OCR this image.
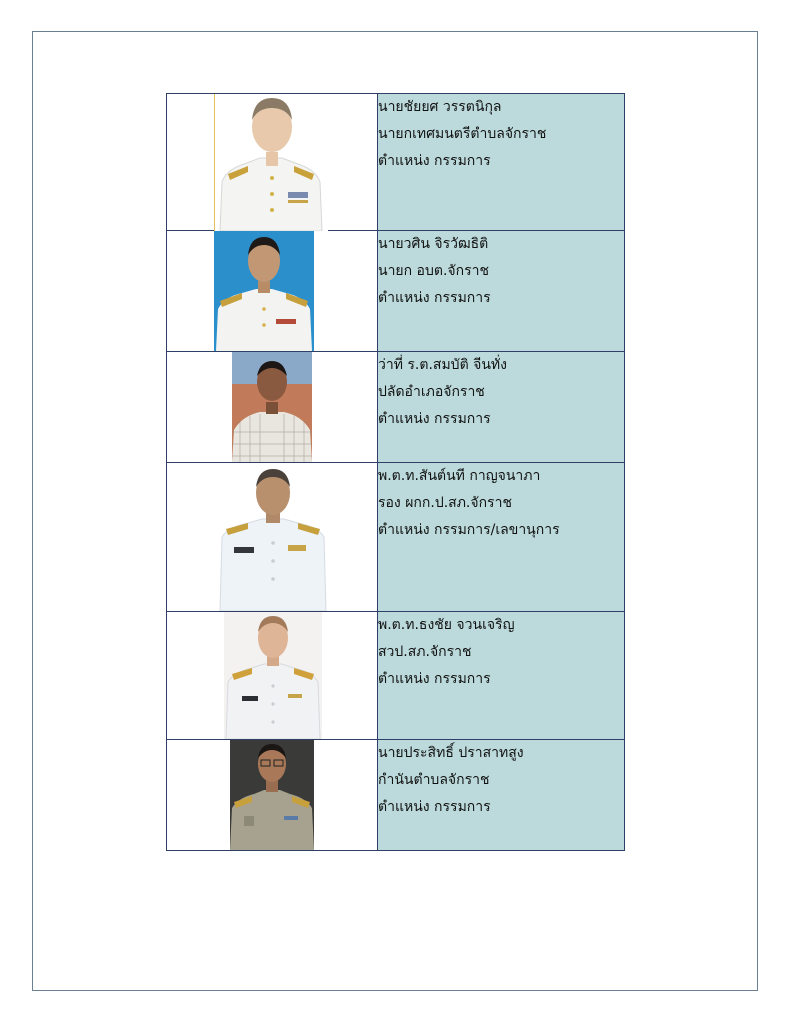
นายชัยยศ วรรตนิกุล
นายกเทศมนตรีตำบลจักราช
ตำแหน่ง กรรมการ

นายวศิน จิรวัฒธิติ
นายก อบต.จักราช
ตำแหน่ง กรรมการ

ว่าที่ ร.ต.สมบัติ จีนทั่ง
ปลัดอำเภอจักราช
ตำแหน่ง กรรมการ

พ.ต.ท.สันต์นที กาญจนาภา
รอง ผกก.ป.สภ.จักราช
ตำแหน่ง กรรมการ/เลขานุการ

พ.ต.ท.ธงชัย จวนเจริญ
สวป.สภ.จักราช
ตำแหน่ง กรรมการ

นายประสิทธิ์ ปราสาทสูง
กำนันตำบลจักราช
ตำแหน่ง กรรมการ
